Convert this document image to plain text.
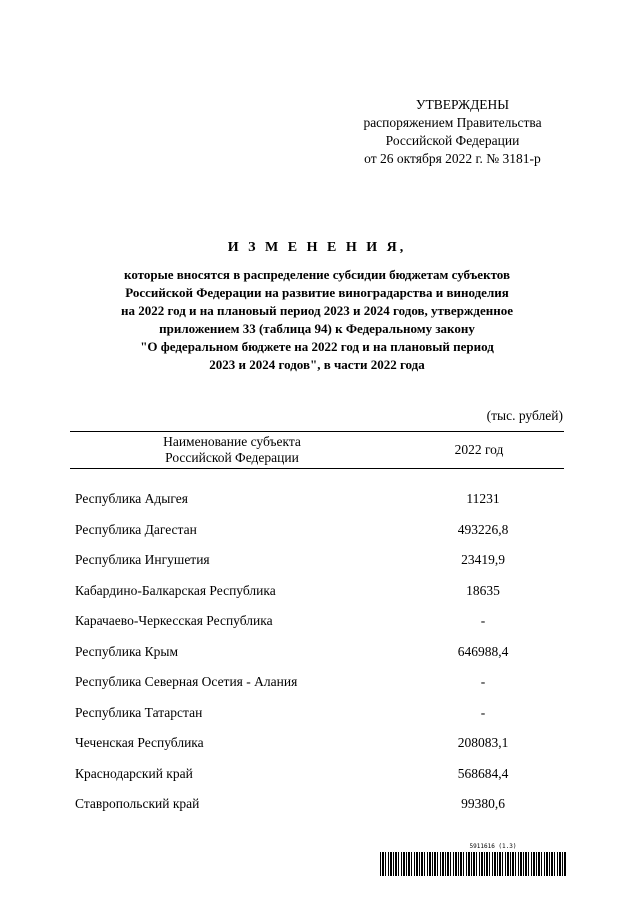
УТВЕРЖДЕНЫ
распоряжением Правительства
Российской Федерации
от 26 октября 2022 г. № 3181-р
И З М Е Н Е Н И Я,
которые вносятся в распределение субсидии бюджетам субъектов
Российской Федерации на развитие виноградарства и виноделия
на 2022 год и на плановый период 2023 и 2024 годов, утвержденное
приложением 33 (таблица 94) к Федеральному закону
"О федеральном бюджете на 2022 год и на плановый период
2023 и 2024 годов", в части 2022 года
(тыс. рублей)
Наименование субъекта
Российской Федерации
2022 год
Республика Адыгея	11231
Республика Дагестан	493226,8
Республика Ингушетия	23419,9
Кабардино-Балкарская Республика	18635
Карачаево-Черкесская Республика	-
Республика Крым	646988,4
Республика Северная Осетия - Алания	-
Республика Татарстан	-
Чеченская Республика	208083,1
Краснодарский край	568684,4
Ставропольский край	99380,6
5911616 (1.3)
